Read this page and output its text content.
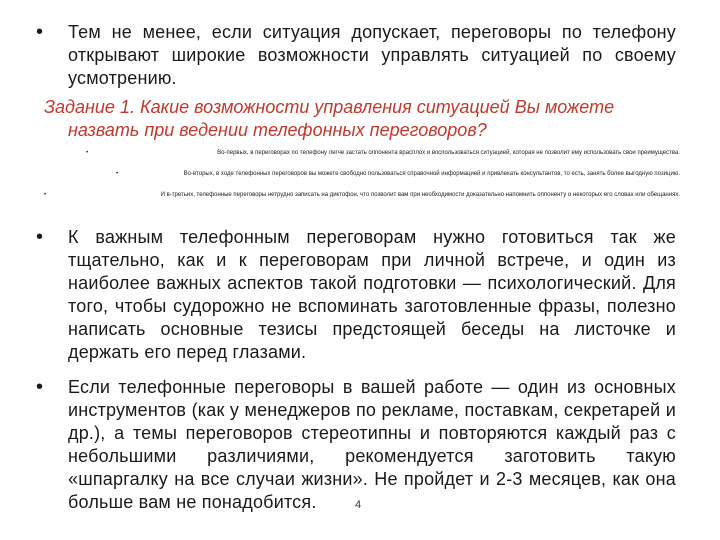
• Тем не менее, если ситуация допускает, переговоры по телефону открывают широкие возможности управлять ситуацией по своему усмотрению.
Задание 1. Какие возможности управления ситуацией Вы можете
назвать при ведении телефонных переговоров?
•	Во-первых, в переговорах по телефону легче застать оппонента врасплох и воспользоваться ситуацией, которая не позволит ему использовать свои преимущества.
•	Во-вторых, в ходе телефонных переговоров вы можете свободно пользоваться справочной информацией и привлекать консультантов, то есть, занять более выгодную позицию.
•	И в-третьих, телефонные переговоры нетрудно записать на диктофон, что позволит вам при необходимости доказательно напомнить оппоненту о некоторых его словах или обещаниях.
• К важным телефонным переговорам нужно готовиться так же тщательно, как и к переговорам при личной встрече, и один из наиболее важных аспектов такой подготовки — психологический. Для того, чтобы судорожно не вспоминать заготовленные фразы, полезно написать основные тезисы предстоящей беседы на листочке и держать его перед глазами.
• Если телефонные переговоры в вашей работе — один из основных инструментов (как у менеджеров по рекламе, поставкам, секретарей и др.), а темы переговоров стереотипны и повторяются каждый раз с небольшими различиями, рекомендуется заготовить такую «шпаргалку на все случаи жизни». Не пройдет и 2-3 месяцев, как она больше вам не понадобится.	4
